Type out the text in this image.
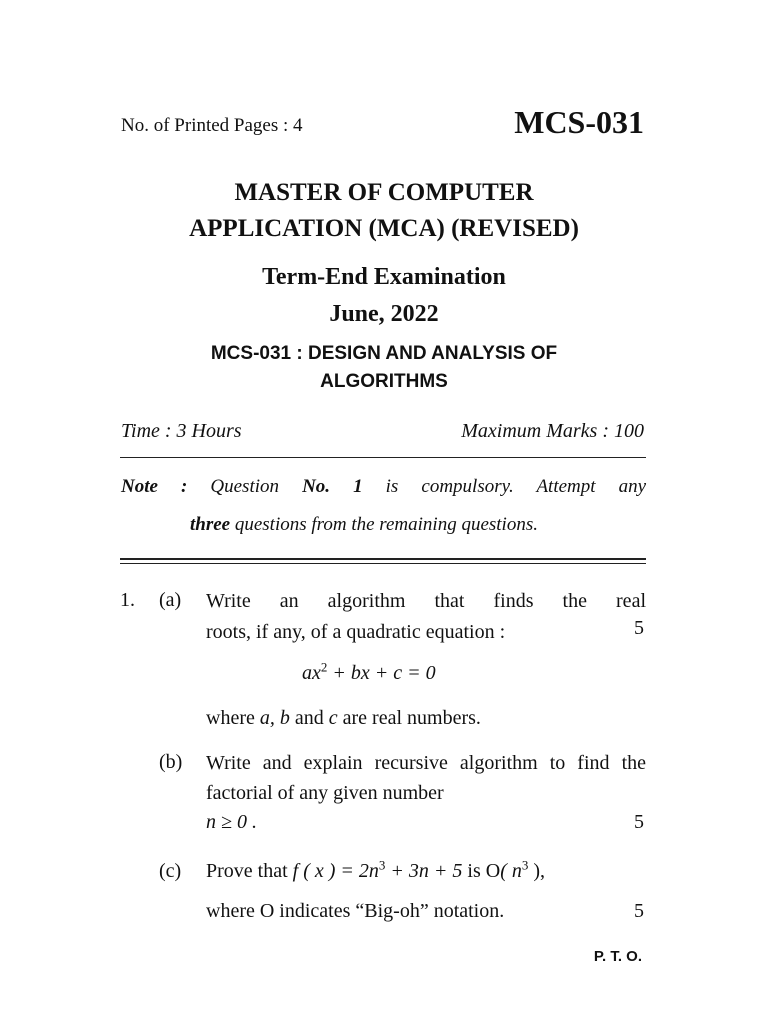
No. of Printed Pages : 4	MCS-031
MASTER OF COMPUTER
APPLICATION (MCA) (REVISED)
Term-End Examination
June, 2022
MCS-031 : DESIGN AND ANALYSIS OF
ALGORITHMS
Time : 3 Hours	Maximum Marks : 100
Note : Question No. 1 is compulsory. Attempt any
three questions from the remaining questions.
1. (a) Write an algorithm that finds the real
roots, if any, of a quadratic equation :	5
$ax^2$ + bx + c = 0
where a, b and c are real numbers.
(b) Write and explain recursive algorithm to find the factorial of any given number
n ≥ 0 .	5
(c) Prove that f ( x ) = $2n^3 + 3n + 5$ is O( $n^3$ ),
where O indicates “Big-oh” notation.	5
P. T. O.
